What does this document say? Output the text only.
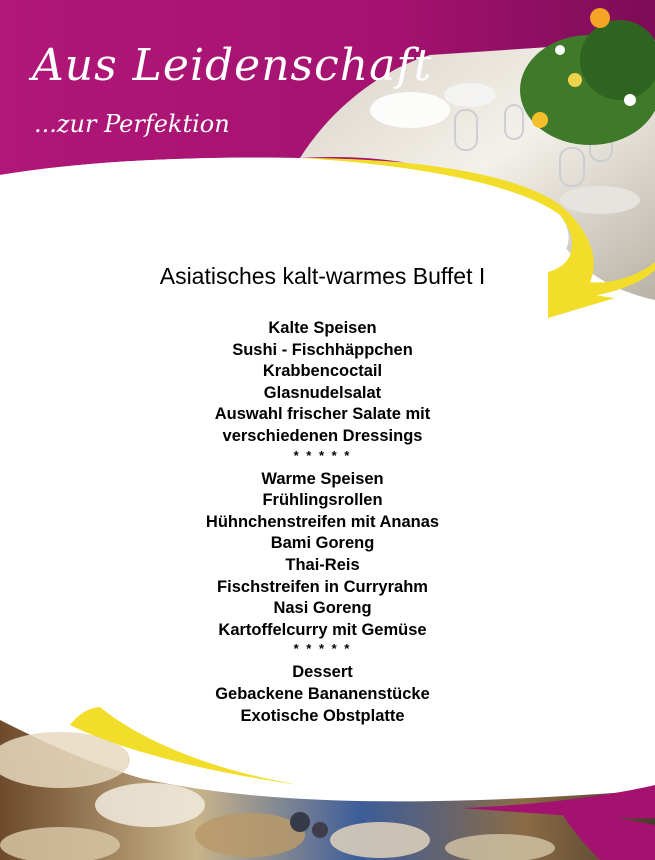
Aus Leidenschaft
...zur Perfektion
Asiatisches kalt-warmes Buffet I
Kalte Speisen
Sushi - Fischhäppchen
Krabbencoctail
Glasnudelsalat
Auswahl frischer Salate mit
verschiedenen Dressings
* * * * *
Warme Speisen
Frühlingsrollen
Hühnchenstreifen mit Ananas
Bami Goreng
Thai-Reis
Fischstreifen in Curryrahm
Nasi Goreng
Kartoffelcurry mit Gemüse
* * * * *
Dessert
Gebackene Bananenstücke
Exotische Obstplatte
